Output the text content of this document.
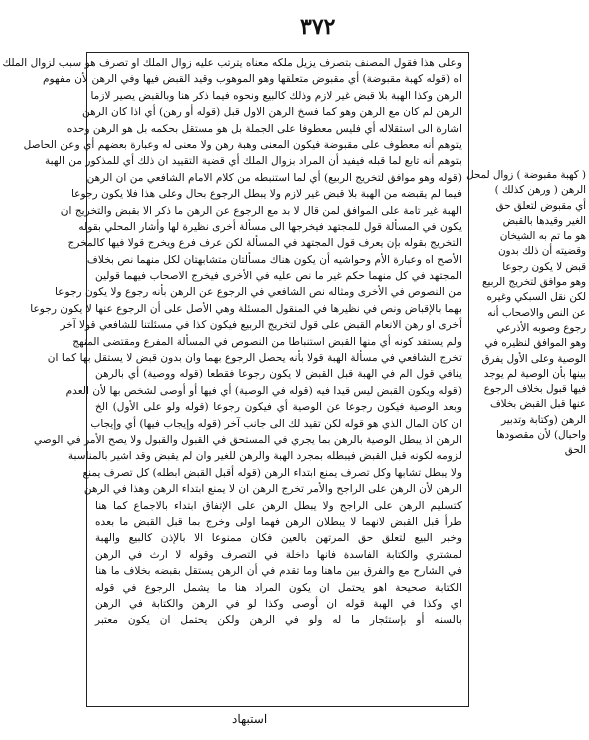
٣٧٢
وعلى هذا فقول المصنف بتصرف يزيل ملكه معناه يترتب عليه زوال الملك او تصرف هو سبب لزوال الملك
اه (قوله كهبة مقبوضة) أي مقبوض متعلقها وهو الموهوب وقيد القبض فيها وفي الرهن لأن مفهوم
الرهن وكذا الهبة بلا قبض غير لازم وذلك كالبيع ونحوه فيما ذكر هنا وبالقبض يصير لازما
الرهن لم كان مع الرهن وهو كما فسخ الرهن الاول قبل (قوله أو رهن) أي اذا كان الرهن
اشارة الى استقلاله أي فليس معطوفا على الجملة بل هو مستقل بحكمه بل هو الرهن وحده
يتوهم أنه معطوف على مقبوضة فيكون المعنى وهبة رهن ولا معنى له وعبارة بعضهم أي وعن الحاصل
بتوهم أنه تابع لما قبله فيفيد أن المراد بزوال الملك أي قضية التقييد ان ذلك أي للمذكور من الهبة
(قوله وهو موافق لتخريج الربيع) أي لما استنبطه من كلام الامام الشافعي من ان الرهن
فيما لم يقبضه من الهبة بلا قبض غير لازم ولا يبطل الرجوع بحال وعلى هذا فلا يكون رجوعا
الهبة غير تامة على الموافق لمن قال لا بد مع الرجوع عن الرهن ما ذكر الا بقبض والتخريج ان
يكون في المسألة قول للمجتهد فيخرجها الى مسألة أخرى نظيرة لها وأشار المحلي بقوله
التخريج بقوله بإن يعرف قول المجتهد في المسألة لكن عرف فرع ويخرج قولا فيها كالمخرج
الأصح اه وعبارة الأم وحواشيه أن يكون هناك مسألتان متشابهتان لكل منهما نص بخلاف
المجتهد في كل منهما حكم غير ما نص عليه في الأخرى فيخرج الاصحاب فيهما قولين
من النصوص في الأخرى ومثاله نص الشافعي في الرجوع عن الرهن بأنه رجوع ولا يكون رجوعا
بهما بالإقباض ونص في نظيرها في المنقول المسئلة وهي الأصل على أن الرجوع عنها لا يكون رجوعا
أخرى او رهن الانعام القبض على قول لتخريج الربيع فيكون كذا في مسئلتنا للشافعي قولا آخر
ولم يستفد كونه أي منها القبض استنباطا من النصوص في المسألة المفرع ومقتضى المنهج
تخرج الشافعي في مسألة الهبة قولا بأنه يحصل الرجوع بهما وان بدون قبض لا يستقل بها كما ان
ينافي قول الم في الهبة قبل القبض لا يكون رجوعا فقطعا (قوله ووصية) أي بالرهن
(قوله ويكون القبض ليس قيدا فيه (قوله في الوصية) أي فيها أو أوصى لشخص بها لأن العدم
وبعد الوصية فيكون رجوعا عن الوصية أي فيكون رجوعا (قوله ولو على الأول) الخ
ان كان المال الذي هو قوله لكن تقيد لك الى جانب آخر (قوله وإيجاب فيها) أي وإيجاب
الرهن اذ يبطل الوصية بالرهن بما يجري في المستحق في القبول والقبول ولا يصح الأمر في الوصي
لزومه لكونه قبل القبض فيبطله بمجرد الهبة والرهن للغير وان لم يقبض وقد اشير بالمناسبة
ولا يبطل تشابها وكل تصرف يمنع ابتداء الرهن (قوله أقبل القبض ابطله) كل تصرف يمنع
الرهن لأن الرهن على الراجح والأمر تخرج الرهن ان لا يمنع ابتداء الرهن وهذا في الرهن
كتسليم الرهن على الراجح ولا يبطل الرهن على الإتفاق ابتداء بالاجماع كما هنا
طرأ قبل القبض لانهما لا يبطلان الرهن فهما اولى وخرج بما قبل القبض ما بعده
وخبر البيع لتعلق حق المرتهن بالعين فكان ممنوعا الا بالإذن كالبيع والهبة
لمشتري والكتابة الفاسدة فانها داخلة في التصرف وقوله لا ارث في الرهن
في الشارح مع والفرق بين ماهنا وما تقدم في أن الرهن يستقل بقبضه بخلاف ما هنا
الكتابة صحيحة اهو يحتمل ان يكون المراد هنا ما يشمل الرجوع في قوله
اي وكذا في الهبة قوله ان أوصى وكذا لو في الرهن والكتابة في الرهن
بالسنه أو بإستئجار ما له ولو في الرهن ولكن يحتمل ان يكون معتبر
( كهبة مقبوضة ) زوال لمحل
الرهن ( ورهن كذلك )
أي مقبوض لتعلق حق
الغير وقيدها بالقبض
هو ما تم به الشيخان
وقضيته أن ذلك بدون
قبض لا يكون رجوعا
وهو موافق لتخريج الربيع
لكن نقل السبكي وغيره
عن النص والاصحاب أنه
رجوع وصوبه الأذرعي
وهو الموافق لنظيره في
الوصية وعلى الأول يفرق
بينها بأن الوصية لم يوجد
فيها قبول بخلاف الرجوع
عنها قبل القبض بخلاف
الرهن (وكتابة وتدبير
واحبال) لأن مقصودها
الحق
استبهاد
